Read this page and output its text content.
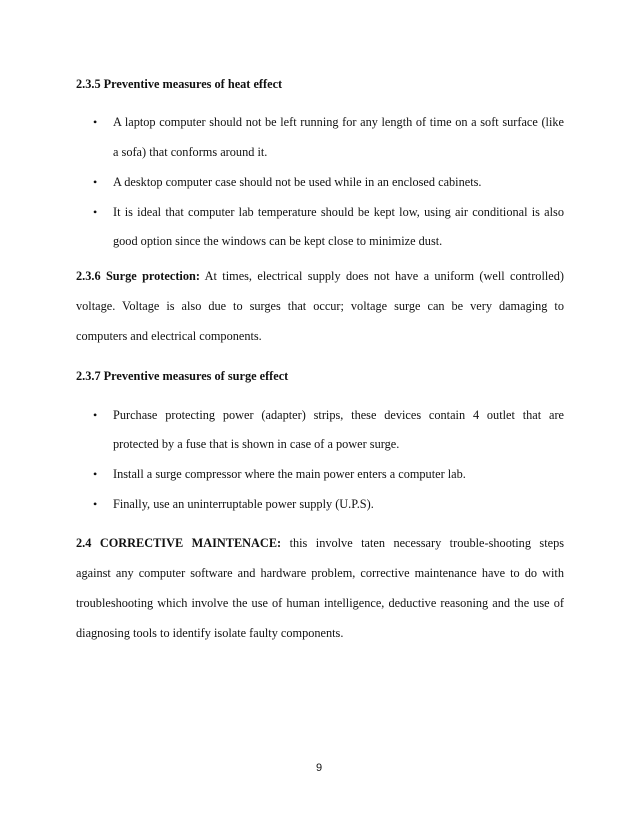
2.3.5 Preventive measures of heat effect
• A laptop computer should not be left running for any length of time on a soft surface (like
a sofa) that conforms around it.
• A desktop computer case should not be used while in an enclosed cabinets.
• It is ideal that computer lab temperature should be kept low, using air conditional is also
good option since the windows can be kept close to minimize dust.
2.3.6 Surge protection: At times, electrical supply does not have a uniform (well controlled)
voltage. Voltage is also due to surges that occur; voltage surge can be very damaging to
computers and electrical components.
2.3.7 Preventive measures of surge effect
• Purchase protecting power (adapter) strips, these devices contain 4 outlet that are
protected by a fuse that is shown in case of a power surge.
• Install a surge compressor where the main power enters a computer lab.
• Finally, use an uninterruptable power supply (U.P.S).
2.4 CORRECTIVE MAINTENACE: this involve taten necessary trouble-shooting steps
against any computer software and hardware problem, corrective maintenance have to do with
troubleshooting which involve the use of human intelligence, deductive reasoning and the use of
diagnosing tools to identify isolate faulty components.
9
